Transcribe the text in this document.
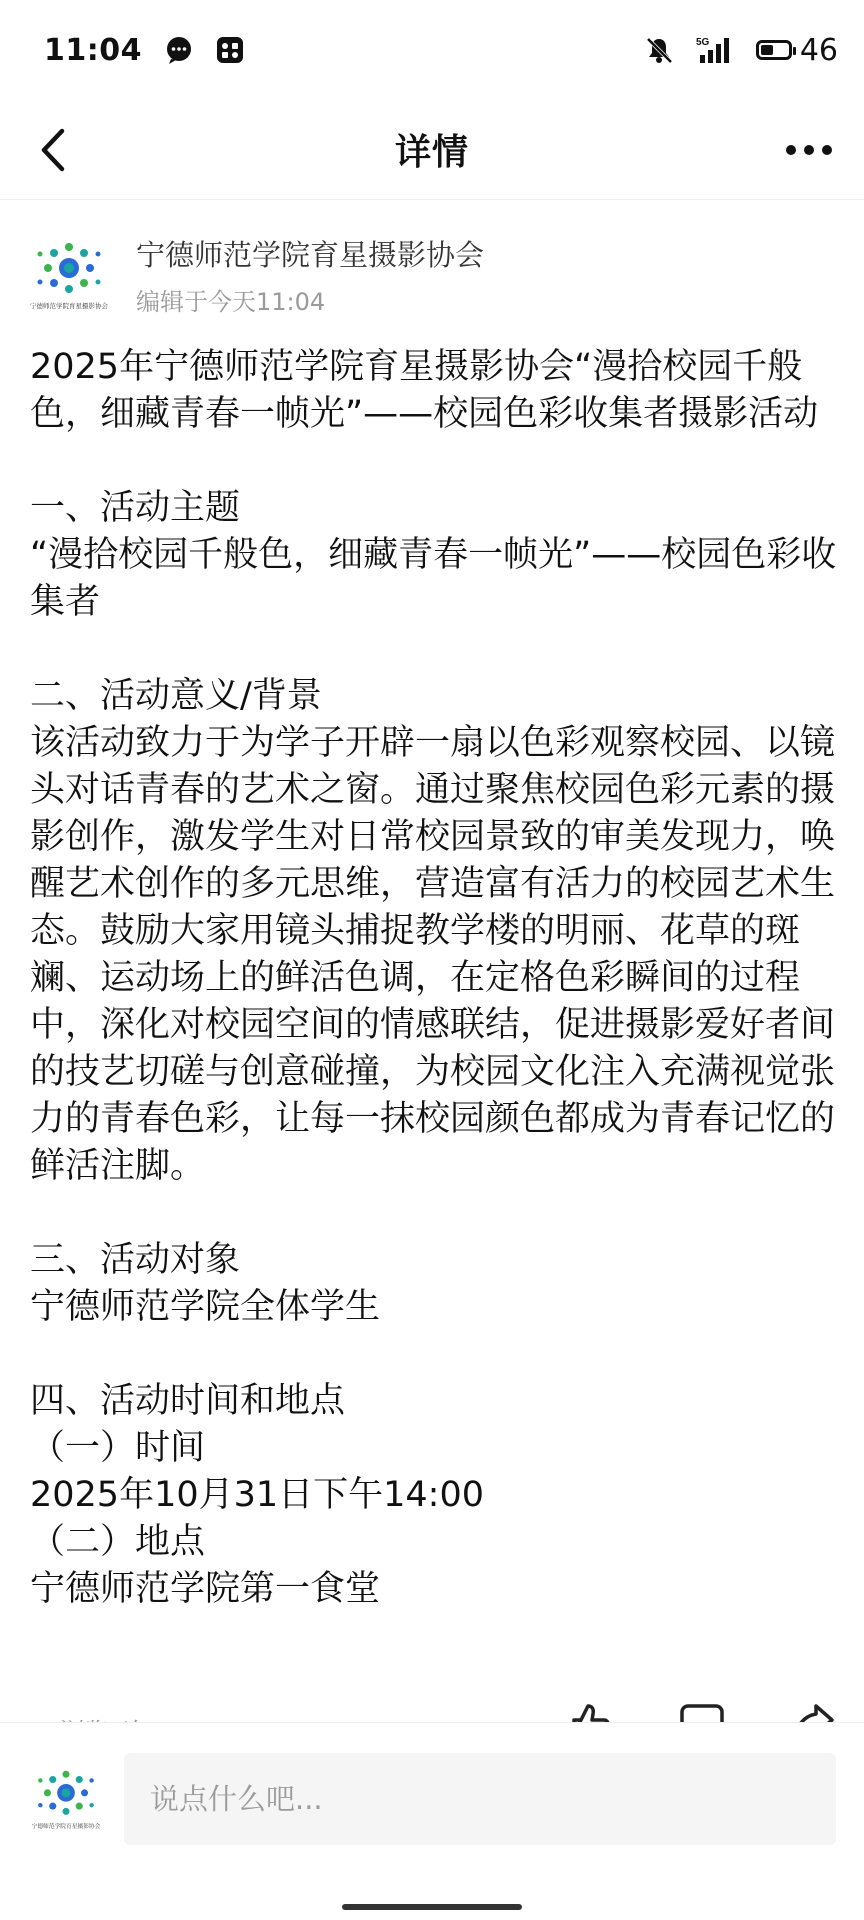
11:04	5G	46
详情
宁德师范学院育星摄影协会
宁德师范学院育星摄影协会
编辑于今天11:04

2025年宁德师范学院育星摄影协会“漫拾校园千般色，细藏青春一帧光”——校园色彩收集者摄影活动

一、活动主题

“漫拾校园千般色，细藏青春一帧光”——校园色彩收集者

二、活动意义/背景

该活动致力于为学子开辟一扇以色彩观察校园、以镜头对话青春的艺术之窗。通过聚焦校园色彩元素的摄影创作，激发学生对日常校园景致的审美发现力，唤醒艺术创作的多元思维，营造富有活力的校园艺术生态。鼓励大家用镜头捕捉教学楼的明丽、花草的斑斓、运动场上的鲜活色调，在定格色彩瞬间的过程中，深化对校园空间的情感联结，促进摄影爱好者间的技艺切磋与创意碰撞，为校园文化注入充满视觉张力的青春色彩，让每一抹校园颜色都成为青春记忆的鲜活注脚。

三、活动对象

宁德师范学院全体学生

四、活动时间和地点

（一）时间

2025年10月31日下午14:00

（二）地点

宁德师范学院第一食堂

宁德师范学院育星摄影协会
说点什么吧...
